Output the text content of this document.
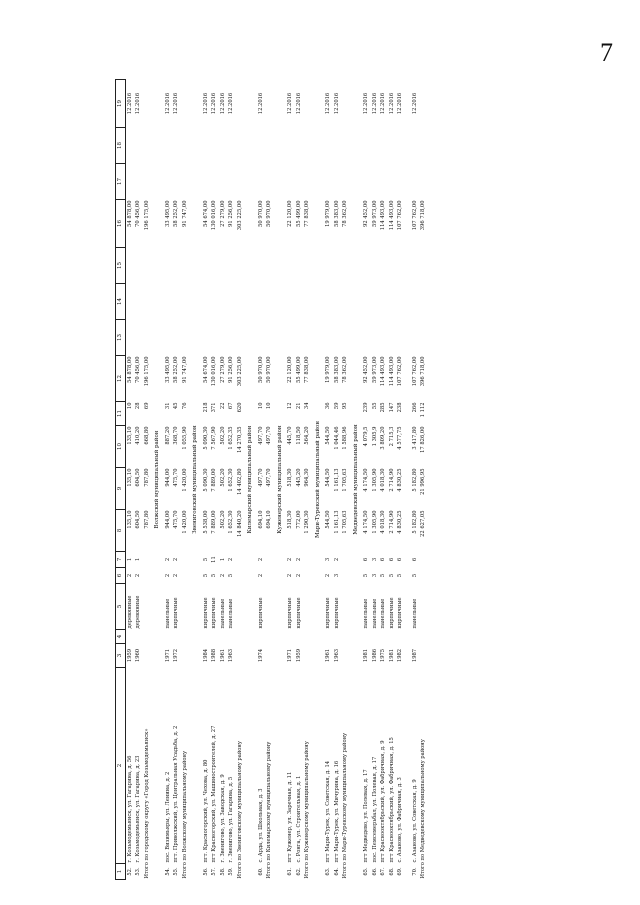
7
1	2	3	4	5	6	7	8	9	10	11	12	13	14	15	16	17	18	19
52.	г. Козьмодемьянск, ул. Гагарина, д. 56	1959		деревянные	2	1	135,10	135,10	135,10	10	54 878,00				54 878,00			12.2016
53.	г. Козьмодемьянск, ул. Гагарина, д. 23	1960		деревянные	2	1	604,50	604,50	410,20	28	70 456,00				70 456,00			12.2016
Итого по городскому округу «Город Козьмодемьянск»							787,80	787,80	668,80	69	196 175,00				196 175,00			
Волжский муниципальный район																		
54.	пос. Визимьяры, ул. Ленина, д. 2	1971		панельные	2	2	944,00	944,00	887,20	31	33 495,00				33 495,00			12.2016
55.	пгт. Приволжский, ул. Центральная Усадьба, д. 2	1972		кирпичные	2	2	475,70	475,70	368,70	45	58 252,00				58 252,00			12.2016
Итого по Волжскому муниципальному району							1 420,00	1 420,00	1 055,90	76	91 747,00				91 747,00			
Звениговский муниципальный район																		
56.	пгт. Красногорский, ул. Чехова, д. 80	1984		кирпичные	5	5	5 538,00	5 090,30	5 090,30	218	54 674,00				54 674,00			12.2016
57.	пгт Красногорский, ул. Машиностроителей, д. 27	1988		кирпичные	5	11	7 889,00	7 889,00	7 567,90	371	130 016,00				130 016,00			12.2016
58.	г. Звенигово, ул. Заводская, д. 9	1961		панельные	2	1	502,20	502,20	502,20	22	27 279,00				27 279,00			12.2016
59.	г. Звенигово, ул. Гагарина, д. 5	1963		панельные	5	2	1 652,30	1 652,30	1 652,35	67	91 256,00				91 256,00			12.2016
Итого по Звениговскому муниципальному району							14 840,20	14 402,80	14 270,35	620	303 225,00				303 225,00			
Килемарский муниципальный район																		
60.	с. Арда, ул. Школьная, д. 3	1974		кирпичные	2	2	694,10	497,70	497,70	10	50 970,00				50 970,00			12.2016
Итого по Килемарскому муниципальному району							694,10	497,70	497,70	10	50 970,00				50 970,00			
Куженерский муниципальный район																		
61.	пгт Куженер, ул. Заречная, д. 11	1971		кирпичные	2	2	518,30	518,30	445,70	12	22 120,00				22 120,00			12.2016
62.	с. Ронга, ул. Строительная, д. 1	1959		кирпичные	2	2	772,00	445,20	118,50	21	55 499,00				55 499,00			12.2016
Итого по Куженерскому муниципальному району							1 290,30	964,30	564,20	34	77 838,00				77 838,00			
Мари-Турекский муниципальный район																		
63.	пгт Мари-Турек, ул. Советская, д. 14	1961		кирпичные	2	3	544,50	544,50	544,50	36	19 979,00				19 979,00			12.2016
64.	пгт Мари-Турек, ул. Мичурина, д. 16	1963		кирпичные	3	2	1 161,13	1 161,13	1 044,46	59	58 383,00				58 383,00			12.2016
Итого по Мари-Турекскому муниципальному району							1 705,63	1 705,63	1 588,96	95	78 362,00				78 362,00			
Медведевский муниципальный район																		
65.	пгт Медведево, ул. Полевая, д. 17	1981		панельные	5	6	4 174,50	4 174,50	4 079,5	239	92 452,00				92 452,00			12.2016
66.	пос. Пемсемерьбал, ул. Полевая, д. 17	1986		панельные	3	3	1 305,90	1 305,90	1 305,9	55	59 973,00				59 973,00			12.2016
67.	пгт Краснооктябрьский, ул. Фабричная, д. 9	1975		панельные	5	6	4 018,30	4 018,30	3 809,20	285	114 493,00				114 493,00			12.2016
68.	пгт Краснооктябрьский, ул. Фабричная, д. 15	1981		кирпичные	5	6	2 714,90	2 714,90	2 715,3	147	114 493,00				114 493,00			12.2016
69.	с. Азаново, ул. Фабричная, д. 3	1982		кирпичные	5	6	4 830,25	4 830,25	4 577,75	238	107 762,00				107 762,00			12.2016

70.	с. Азаново, ул. Советская, д. 9	1987		панельные	5	6	5 182,80	5 182,80	3 417,80	266	107 762,00				107 762,00			12.2016
Итого по Медведевскому муниципальному району							22 627,05	21 996,95	17 826,00	1 112	396 718,00				396 718,00			
